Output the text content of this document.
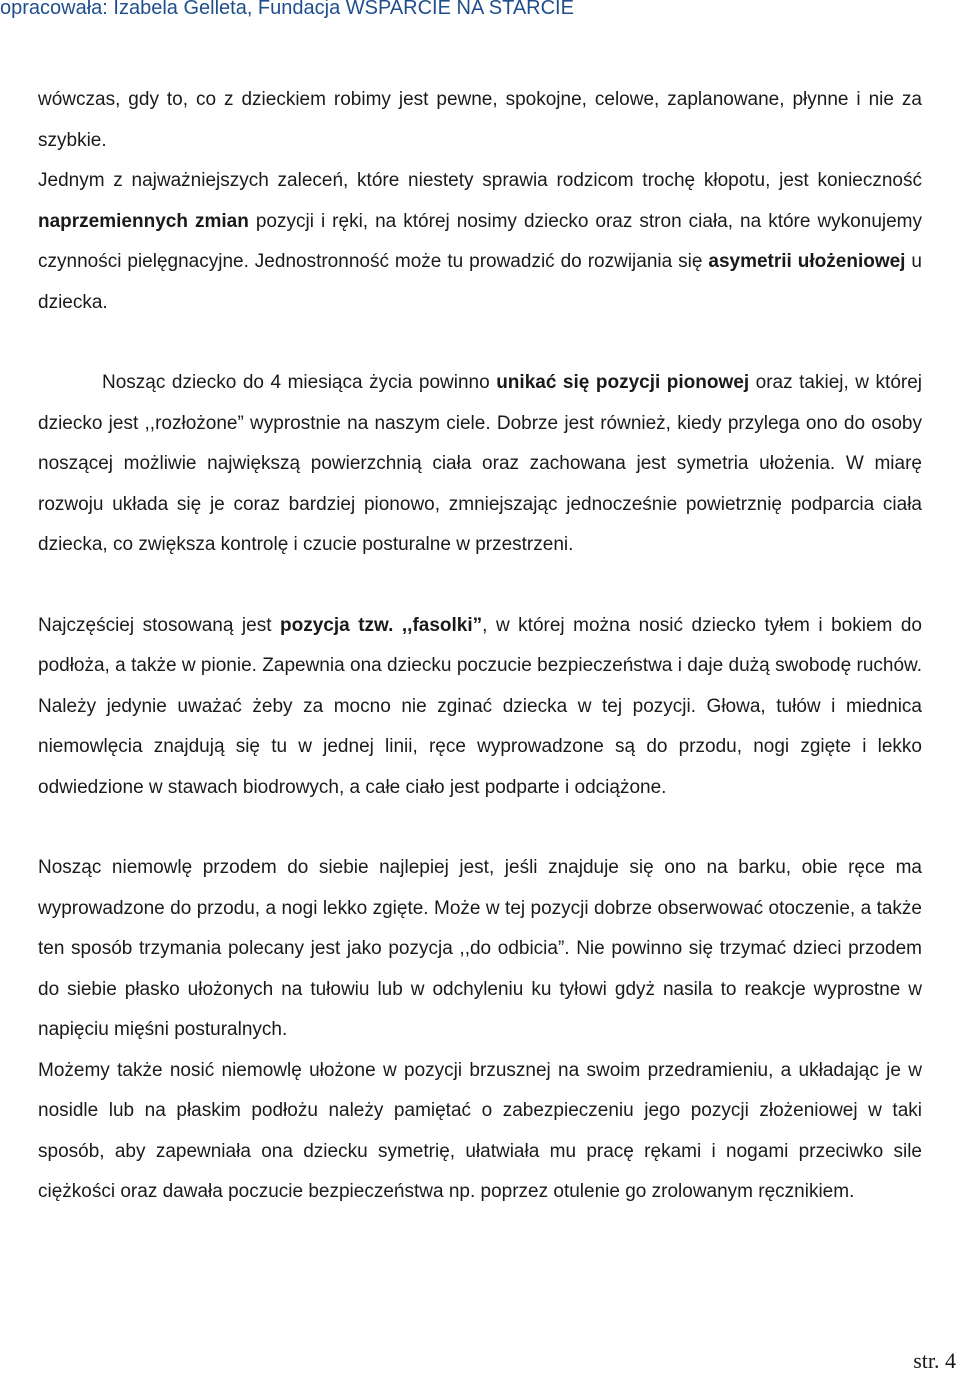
opracowała: Izabela Gelleta, Fundacja WSPARCIE NA STARCIE

wówczas, gdy to, co z dzieckiem robimy jest pewne, spokojne, celowe, zaplanowane, płynne i nie za szybkie.

Jednym z najważniejszych zaleceń, które niestety sprawia rodzicom trochę kłopotu, jest konieczność naprzemiennych zmian pozycji i ręki, na której nosimy dziecko oraz stron ciała, na które wykonujemy czynności pielęgnacyjne. Jednostronność może tu prowadzić do rozwijania się asymetrii ułożeniowej u dziecka.

Nosząc dziecko do 4 miesiąca życia powinno unikać się pozycji pionowej oraz takiej, w której dziecko jest ,,rozłożone” wyprostnie na naszym ciele. Dobrze jest również, kiedy przylega ono do osoby noszącej możliwie największą powierzchnią ciała oraz zachowana jest symetria ułożenia. W miarę rozwoju układa się je coraz bardziej pionowo, zmniejszając jednocześnie powietrznię podparcia ciała dziecka, co zwiększa kontrolę i czucie posturalne w przestrzeni.

Najczęściej stosowaną jest pozycja tzw. ,,fasolki”, w której można nosić dziecko tyłem i bokiem do podłoża, a także w pionie. Zapewnia ona dziecku poczucie bezpieczeństwa i daje dużą swobodę ruchów. Należy jedynie uważać żeby za mocno nie zginać dziecka w tej pozycji. Głowa, tułów i miednica niemowlęcia znajdują się tu w jednej linii, ręce wyprowadzone są do przodu, nogi zgięte i lekko odwiedzione w stawach biodrowych, a całe ciało jest podparte i odciążone.

Nosząc niemowlę przodem do siebie najlepiej jest, jeśli znajduje się ono na barku, obie ręce ma wyprowadzone do przodu, a nogi lekko zgięte. Może w tej pozycji dobrze obserwować otoczenie, a także ten sposób trzymania polecany jest jako pozycja ,,do odbicia”. Nie powinno się trzymać dzieci przodem do siebie płasko ułożonych na tułowiu lub w odchyleniu ku tyłowi gdyż nasila to reakcje wyprostne w napięciu mięśni posturalnych.

Możemy także nosić niemowlę ułożone w pozycji brzusznej na swoim przedramieniu, a układając je w nosidle lub na płaskim podłożu należy pamiętać o zabezpieczeniu jego pozycji złożeniowej w taki sposób, aby zapewniała ona dziecku symetrię, ułatwiała mu pracę rękami i nogami przeciwko sile ciężkości oraz dawała poczucie bezpieczeństwa np. poprzez otulenie go zrolowanym ręcznikiem.

str. 4
